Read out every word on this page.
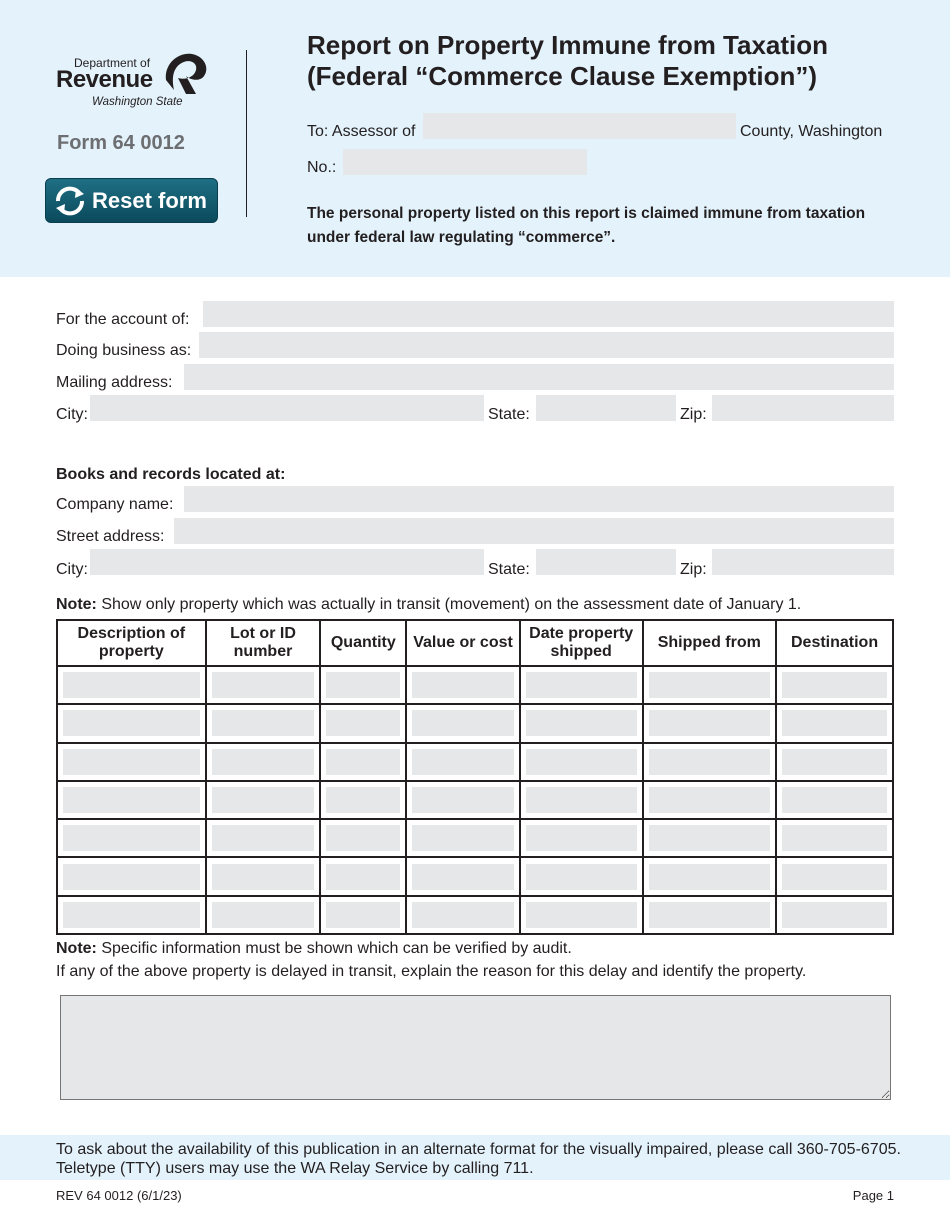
Department of
Revenue
Washington State
Form 64 0012
Reset form
Report on Property Immune from Taxation
(Federal “Commerce Clause Exemption”)
To: Assessor of	County, Washington
No.:
The personal property listed on this report is claimed immune from taxation under federal law regulating “commerce”.
For the account of:
Doing business as:
Mailing address:
City:	State:	Zip:
Books and records located at:
Company name:
Street address:
City:	State:	Zip:
Note: Show only property which was actually in transit (movement) on the assessment date of January 1.
Description of property	Lot or ID number	Quantity	Value or cost	Date property shipped	Shipped from	Destination

Note: Specific information must be shown which can be verified by audit.
If any of the above property is delayed in transit, explain the reason for this delay and identify the property.
To ask about the availability of this publication in an alternate format for the visually impaired, please call 360-705-6705. Teletype (TTY) users may use the WA Relay Service by calling 711.
REV 64 0012 (6/1/23)	Page 1
